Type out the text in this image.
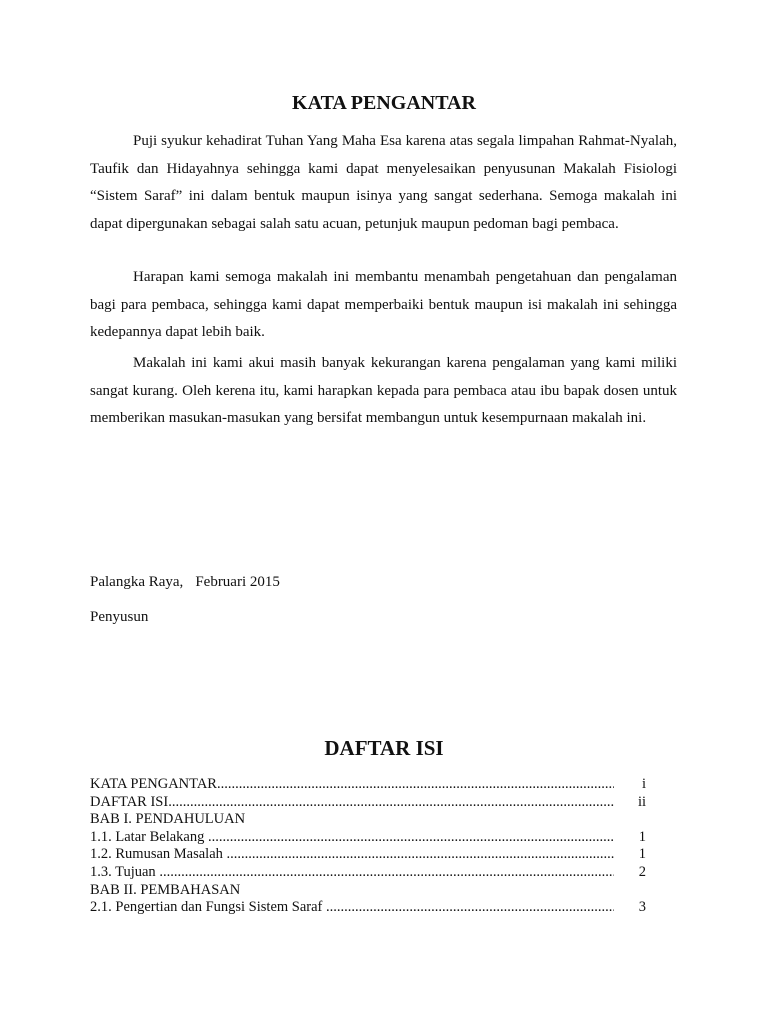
KATA PENGANTAR

Puji syukur kehadirat Tuhan Yang Maha Esa karena atas segala limpahan Rahmat-Nyalah, Taufik dan Hidayahnya sehingga kami dapat menyelesaikan penyusunan Makalah Fisiologi “Sistem Saraf” ini dalam bentuk maupun isinya yang sangat sederhana. Semoga makalah ini dapat dipergunakan sebagai salah satu acuan, petunjuk maupun pedoman bagi pembaca.

Harapan kami semoga makalah ini membantu menambah pengetahuan dan pengalaman bagi para pembaca, sehingga kami dapat memperbaiki bentuk maupun isi makalah ini sehingga kedepannya dapat lebih baik.

Makalah ini kami akui masih banyak kekurangan karena pengalaman yang kami miliki sangat kurang. Oleh kerena itu, kami harapkan kepada para pembaca atau ibu bapak dosen untuk memberikan masukan-masukan yang bersifat membangun untuk kesempurnaan makalah ini.

Palangka Raya, Februari 2015

Penyusun

DAFTAR ISI
KATA PENGANTAR .....	i
DAFTAR ISI .....	ii
BAB I. PENDAHULUAN
1.1. Latar Belakang .....	1
1.2. Rumusan Masalah .....	1
1.3. Tujuan .....	2
BAB II. PEMBAHASAN
2.1. Pengertian dan Fungsi Sistem Saraf .....	3
